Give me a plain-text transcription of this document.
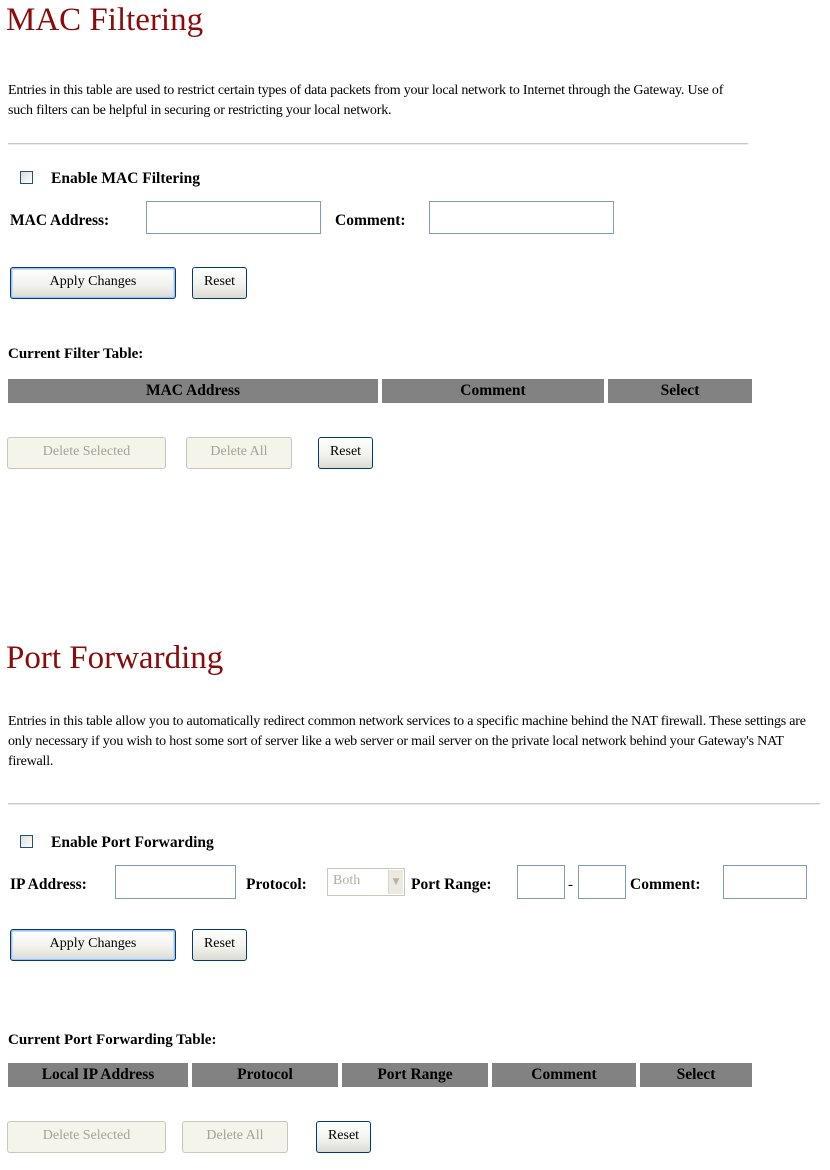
MAC Filtering

Entries in this table are used to restrict certain types of data packets from your local network to Internet through the Gateway. Use of such filters can be helpful in securing or restricting your local network.

Enable MAC Filtering
MAC Address:	Comment:
Apply Changes	Reset
Current Filter Table:
MAC Address	Comment	Select
Delete Selected	Delete All	Reset
Port Forwarding

Entries in this table allow you to automatically redirect common network services to a specific machine behind the NAT firewall. These settings are only necessary if you wish to host some sort of server like a web server or mail server on the private local network behind your Gateway's NAT firewall.

Enable Port Forwarding
IP Address:	Protocol:	Both	▼ Port Range:	-	Comment:
Apply Changes	Reset
Current Port Forwarding Table:
Local IP Address	Protocol	Port Range	Comment	Select
Delete Selected	Delete All	Reset
